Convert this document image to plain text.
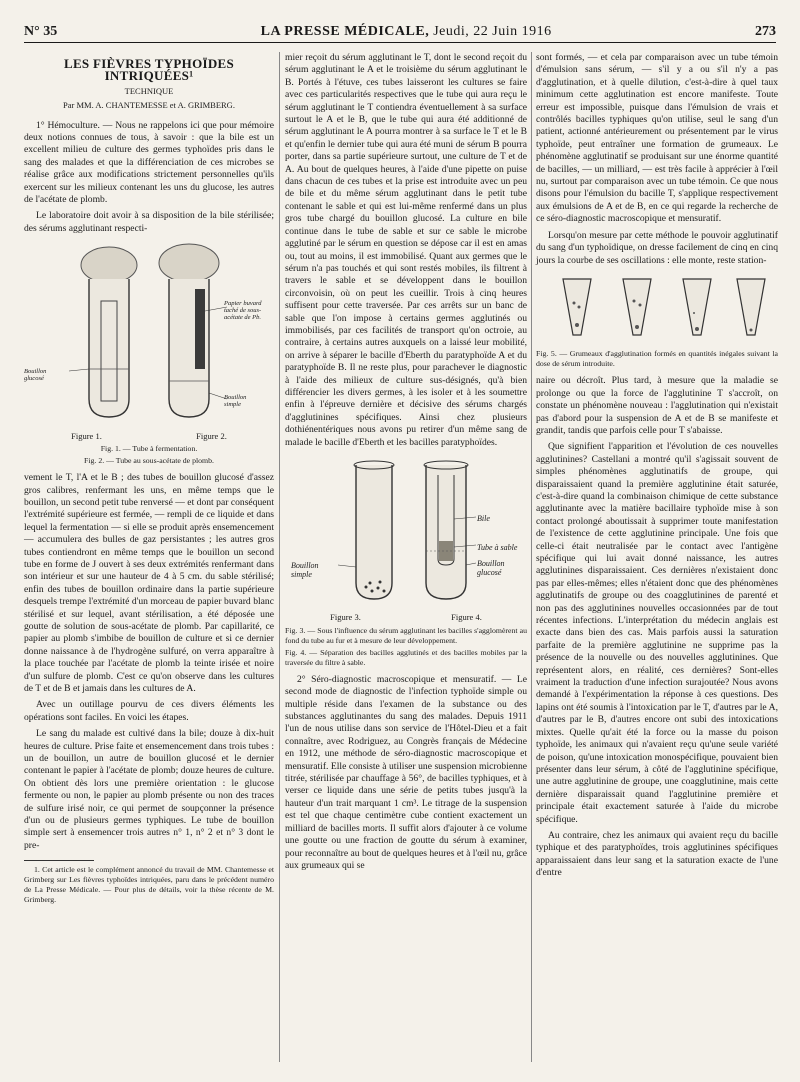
N° 35	LA PRESSE MÉDICALE, Jeudi, 22 Juin 1916	273
LES FIÈVRES TYPHOÏDES INTRIQUÉES¹
TECHNIQUE
Par MM. A. CHANTEMESSE et A. GRIMBERG.

1° Hémoculture. — Nous ne rappelons ici que pour mémoire deux notions connues de tous, à savoir : que la bile est un excellent milieu de culture des germes typhoïdes pris dans le sang des malades et que la différenciation de ces microbes se réalise grâce aux modifications strictement personnelles qu'ils exercent sur les milieux contenant les uns du glucose, les autres de l'acétate de plomb.

Le laboratoire doit avoir à sa disposition de la bile stérilisée; des sérums agglutinant respecti-

Papier buvard taché de sous-acétate de Pb.
Bouillon glucosé
Bouillon simple
Figure 1.	Figure 2.
Fig. 1. — Tube à fermentation.
Fig. 2. — Tube au sous-acétate de plomb.

vement le T, l'A et le B ; des tubes de bouillon glucosé d'assez gros calibres, renfermant les uns, en même temps que le bouillon, un second petit tube renversé — et dont par conséquent l'extrémité supérieure est fermée, — rempli de ce liquide et dans lequel la fermentation — si elle se produit après ensemencement — accumulera des bulles de gaz persistantes ; les autres gros tubes contiendront en même temps que le bouillon un second tube en forme de J ouvert à ses deux extrémités renfermant dans son intérieur et sur une hauteur de 4 à 5 cm. du sable stérilisé; enfin des tubes de bouillon ordinaire dans la partie supérieure desquels trempe l'extrémité d'un morceau de papier buvard blanc stérilisé et sur lequel, avant stérilisation, a été déposée une goutte de solution de sous-acétate de plomb. Par capillarité, ce papier au plomb s'imbibe de bouillon de culture et si ce dernier donne naissance à de l'hydrogène sulfuré, on verra apparaître à la place touchée par l'acétate de plomb la teinte irisée et noire d'un sulfure de plomb. C'est ce qu'on observe dans les cultures de T et de B et jamais dans les cultures de A.

Avec un outillage pourvu de ces divers éléments les opérations sont faciles. En voici les étapes.

Le sang du malade est cultivé dans la bile; douze à dix-huit heures de culture. Prise faite et ensemencement dans trois tubes : un de bouillon, un autre de bouillon glucosé et le dernier contenant le papier à l'acétate de plomb; douze heures de culture. On obtient dès lors une première orientation : le glucose fermente ou non, le papier au plomb présente ou non des traces de sulfure irisé noir, ce qui permet de soupçonner la présence d'un ou de plusieurs germes typhiques. Le tube de bouillon simple sert à ensemencer trois autres n° 1, n° 2 et n° 3 dont le pre-

1. Cet article est le complément annoncé du travail de MM. Chantemesse et Grimberg sur Les fièvres typhoïdes intriquées, paru dans le précédent numéro de La Presse Médicale. — Pour plus de détails, voir la thèse récente de M. Grimberg.

mier reçoit du sérum agglutinant le T, dont le second reçoit du sérum agglutinant le A et le troisième du sérum agglutinant le B. Portés à l'étuve, ces tubes laisseront les cultures se faire avec ces particularités respectives que le tube qui aura reçu le sérum agglutinant le T contiendra éventuellement à sa surface surtout le A et le B, que le tube qui aura été additionné de sérum agglutinant le A pourra montrer à sa surface le T et le B et qu'enfin le dernier tube qui aura été muni de sérum B pourra porter, dans sa partie supérieure surtout, une culture de T et de A. Au bout de quelques heures, à l'aide d'une pipette on puise dans chacun de ces tubes et la prise est introduite avec un peu de bile et du même sérum agglutinant dans le petit tube contenant le sable et qui est lui-même renfermé dans un plus gros tube chargé du bouillon glucosé. La culture en bile continue dans le tube de sable et sur ce sable le microbe agglutiné par le sérum en question se dépose car il est en amas ou, tout au moins, il est immobilisé. Quant aux germes que le sérum n'a pas touchés et qui sont restés mobiles, ils filtrent à travers le sable et se développent dans le bouillon circonvoisin, où on peut les cueillir. Trois à cinq heures suffisent pour cette traversée. Par ces arrêts sur un banc de sable que l'on impose à certains germes agglutinés ou immobilisés, par ces facilités de transport qu'on octroie, au contraire, à certains autres auxquels on a laissé leur mobilité, on arrive à séparer le bacille d'Eberth du paratyphoïde A et du paratyphoïde B. Il ne reste plus, pour parachever le diagnostic à l'aide des milieux de culture sus-désignés, qu'à bien différencier les divers germes, à les isoler et à les soumettre enfin à l'épreuve dernière et décisive des sérums chargés d'agglutinines spécifiques. Ainsi chez plusieurs dothiénentériques nous avons pu retirer d'un même sang de malade le bacille d'Eberth et les bacilles paratyphoïdes.

Bile
Tube à sable
Bouillon glucosé
Bouillon simple
Figure 3.	Figure 4.
Fig. 3. — Sous l'influence du sérum agglutinant les bacilles s'agglomèrent au fond du tube au fur et à mesure de leur développement.
Fig. 4. — Séparation des bacilles agglutinés et des bacilles mobiles par la traversée du filtre à sable.

2° Séro-diagnostic macroscopique et mensuratif. — Le second mode de diagnostic de l'infection typhoïde simple ou multiple réside dans l'examen de la substance ou des substances agglutinantes du sang des malades. Depuis 1911 l'un de nous utilise dans son service de l'Hôtel-Dieu et a fait connaître, avec Rodriguez, au Congrès français de Médecine en 1912, une méthode de séro-diagnostic macroscopique et mensuratif. Elle consiste à utiliser une suspension microbienne titrée, stérilisée par chauffage à 56°, de bacilles typhiques, et à verser ce liquide dans une série de petits tubes jusqu'à la hauteur d'un trait marquant 1 cm³. Le titrage de la suspension est tel que chaque centimètre cube contient exactement un milliard de bacilles morts. Il suffit alors d'ajouter à ce volume une goutte ou une fraction de goutte du sérum à examiner, pour reconnaître au bout de quelques heures et à l'œil nu, grâce aux grumeaux qui se

sont formés, — et cela par comparaison avec un tube témoin d'émulsion sans sérum, — s'il y a ou s'il n'y a pas d'agglutination, et à quelle dilution, c'est-à-dire à quel taux minimum cette agglutination est encore manifeste. Toute erreur est impossible, puisque dans l'émulsion de vrais et contrôlés bacilles typhiques qu'on utilise, seul le sang d'un patient, actionné antérieurement ou présentement par le virus typhoïde, peut entraîner une formation de grumeaux. Le phénomène agglutinatif se produisant sur une énorme quantité de bacilles, — un milliard, — est très facile à apprécier à l'œil nu, surtout par comparaison avec un tube témoin. Ce que nous disons pour l'émulsion du bacille T, s'applique respectivement aux émulsions de A et de B, en ce qui regarde la recherche de ce séro-diagnostic macroscopique et mensuratif.

Lorsqu'on mesure par cette méthode le pouvoir agglutinatif du sang d'un typhoïdique, on dresse facilement de cinq en cinq jours la courbe de ses oscillations : elle monte, reste station-

Fig. 5. — Grumeaux d'agglutination formés en quantités inégales suivant la dose de sérum introduite.

naire ou décroît. Plus tard, à mesure que la maladie se prolonge ou que la force de l'agglutinine T s'accroît, on constate un phénomène nouveau : l'agglutination qui n'existait pas d'abord pour la suspension de A et de B se manifeste et grandit, tandis que parfois celle pour T s'abaisse.

Que signifient l'apparition et l'évolution de ces nouvelles agglutinines? Castellani a montré qu'il s'agissait souvent de simples phénomènes agglutinatifs de groupe, qui disparaissaient quand la première agglutinine était saturée, c'est-à-dire quand la combinaison chimique de cette substance agglutinante avec la matière bacillaire typhoïde mise à son contact prolongé aboutissait à supprimer toute manifestation de l'existence de cette agglutinine principale. Une fois que celle-ci était neutralisée par le contact avec l'antigène spécifique qui lui avait donné naissance, les autres agglutinines disparaissaient. Ces dernières n'existaient donc pas par elles-mêmes; elles n'étaient donc que des phénomènes agglutinatifs de groupe ou des coagglutinines de parenté et non pas des agglutinines nouvelles occasionnées par de tout récentes infections. L'interprétation du médecin anglais est exacte dans bien des cas. Mais parfois aussi la saturation parfaite de la première agglutinine ne supprime pas la présence de la nouvelle ou des nouvelles agglutinines. Que représentent alors, en réalité, ces dernières? Sont-elles vraiment la traduction d'une infection surajoutée? Nous avons demandé à l'expérimentation la réponse à ces questions. Des lapins ont été soumis à l'intoxication par le T, d'autres par le A, d'autres par le B, d'autres encore ont subi des intoxications mixtes. Quelle qu'ait été la force ou la masse du poison typhoïde, les animaux qui n'avaient reçu qu'une seule variété de poison, qu'une intoxication monospécifique, pouvaient bien présenter dans leur sérum, à côté de l'agglutinine spécifique, une autre agglutinine de groupe, une coagglutinine, mais cette dernière disparaissait quand l'agglutinine première et principale était exactement saturée à l'aide du microbe spécifique.

Au contraire, chez les animaux qui avaient reçu du bacille typhique et des paratyphoïdes, trois agglutinines spécifiques apparaissaient dans leur sang et la saturation exacte de l'une d'entre
